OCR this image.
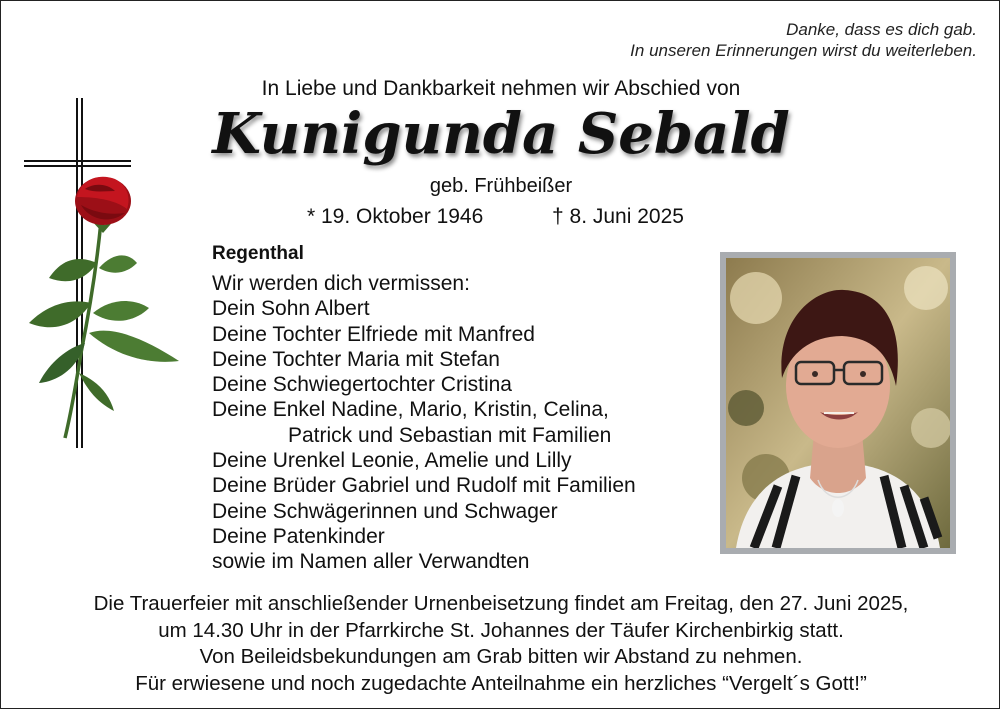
Danke, dass es dich gab.
In unseren Erinnerungen wirst du weiterleben.
In Liebe und Dankbarkeit nehmen wir Abschied von
Kunigunda Sebald
geb. Frühbeißer
* 19. Oktober 1946	† 8. Juni 2025
Regenthal
Wir werden dich vermissen:
Dein Sohn Albert
Deine Tochter Elfriede mit Manfred
Deine Tochter Maria mit Stefan
Deine Schwiegertochter Cristina
Deine Enkel Nadine, Mario, Kristin, Celina,
Patrick und Sebastian mit Familien
Deine Urenkel Leonie, Amelie und Lilly
Deine Brüder Gabriel und Rudolf mit Familien
Deine Schwägerinnen und Schwager
Deine Patenkinder
sowie im Namen aller Verwandten

Die Trauerfeier mit anschließender Urnenbeisetzung findet am Freitag, den 27. Juni 2025,

um 14.30 Uhr in der Pfarrkirche St. Johannes der Täufer Kirchenbirkig statt.

Von Beileidsbekundungen am Grab bitten wir Abstand zu nehmen.

Für erwiesene und noch zugedachte Anteilnahme ein herzliches “Vergelt´s Gott!”
